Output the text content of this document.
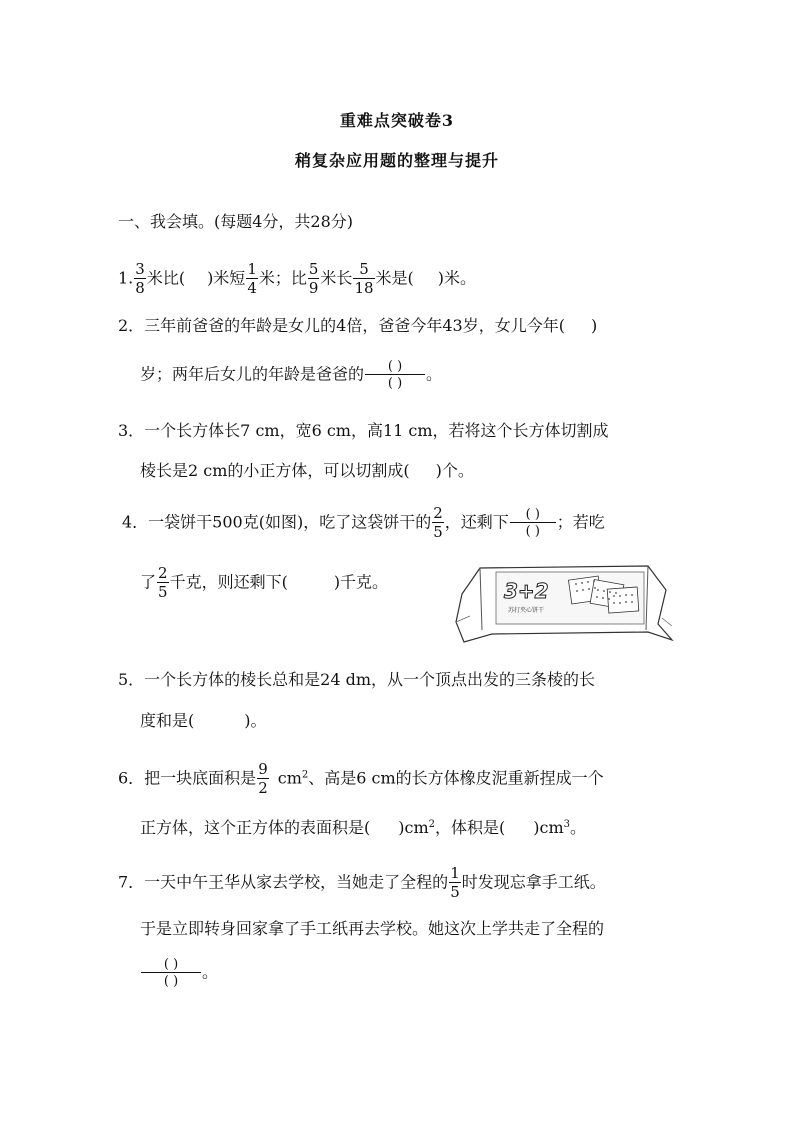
重难点突破卷3
稍复杂应用题的整理与提升
一、我会填。(每题4分，共28分)
1. $\frac{3}{8}$ 米比( )米短 $\frac{1}{4}$ 米；比 $\frac{5}{9}$ 米长 $\frac{5}{18}$ 米是( )米。
2．三年前爸爸的年龄是女儿的4倍，爸爸今年43岁，女儿今年( )
岁；两年后女儿的年龄是爸爸的 $\frac{( )}{( )}$ 。
3．一个长方体长7 cm，宽6 cm，高11 cm，若将这个长方体切割成
棱长是2 cm的小正方体，可以切割成( )个。
4．一袋饼干500克(如图)，吃了这袋饼干的 $\frac{2}{5}$ ，还剩下 $\frac{( )}{( )}$ ；若吃
了 $\frac{2}{5}$ 千克，则还剩下(	)千克。	3+2
苏打夹心饼干
5．一个长方体的棱长总和是24 dm，从一个顶点出发的三条棱的长
度和是(	)。
6．把一块底面积是 $\frac{9}{2} cm^2$、高是6 cm的长方体橡皮泥重新捏成一个
正方体，这个正方体的表面积是( )$cm^2$，体积是( )$cm^3$。
7．一天中午王华从家去学校，当她走了全程的 $\frac{1}{5}$ 时发现忘拿手工纸。
于是立即转身回家拿了手工纸再去学校。她这次上学共走了全程的
$\frac{( )}{( )}$ 。
